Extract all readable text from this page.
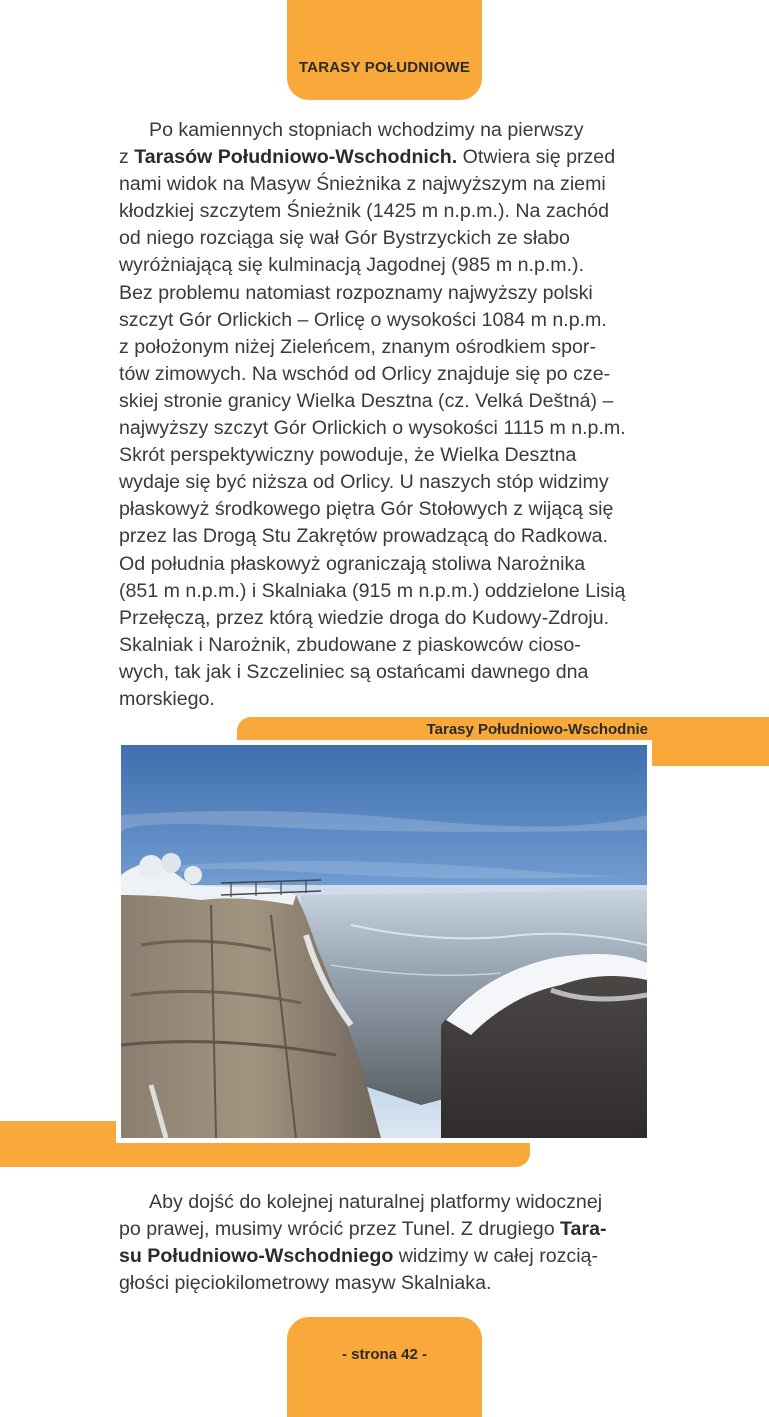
TARASY POŁUDNIOWE
Po kamiennych stopniach wchodzimy na pierwszy
z Tarasów Południowo-Wschodnich. Otwiera się przed
nami widok na Masyw Śnieżnika z najwyższym na ziemi
kłodzkiej szczytem Śnieżnik (1425 m n.p.m.). Na zachód
od niego rozciąga się wał Gór Bystrzyckich ze słabo
wyróżniającą się kulminacją Jagodnej (985 m n.p.m.).
Bez problemu natomiast rozpoznamy najwyższy polski
szczyt Gór Orlickich – Orlicę o wysokości 1084 m n.p.m.
z położonym niżej Zieleńcem, znanym ośrodkiem spor-
tów zimowych. Na wschód od Orlicy znajduje się po cze-
skiej stronie granicy Wielka Desztna (cz. Velká Deštná) –
najwyższy szczyt Gór Orlickich o wysokości 1115 m n.p.m.
Skrót perspektywiczny powoduje, że Wielka Desztna
wydaje się być niższa od Orlicy. U naszych stóp widzimy
płaskowyż środkowego piętra Gór Stołowych z wijącą się
przez las Drogą Stu Zakrętów prowadzącą do Radkowa.
Od południa płaskowyż ograniczają stoliwa Narożnika
(851 m n.p.m.) i Skalniaka (915 m n.p.m.) oddzielone Lisią
Przełęczą, przez którą wiedzie droga do Kudowy-Zdroju.
Skalniak i Narożnik, zbudowane z piaskowców cioso-
wych, tak jak i Szczeliniec są ostańcami dawnego dna
morskiego.
Tarasy Południowo-Wschodnie
Aby dojść do kolejnej naturalnej platformy widocznej
po prawej, musimy wrócić przez Tunel. Z drugiego Tara-
su Południowo-Wschodniego widzimy w całej rozcią-
głości pięciokilometrowy masyw Skalniaka.
- strona 42 -
